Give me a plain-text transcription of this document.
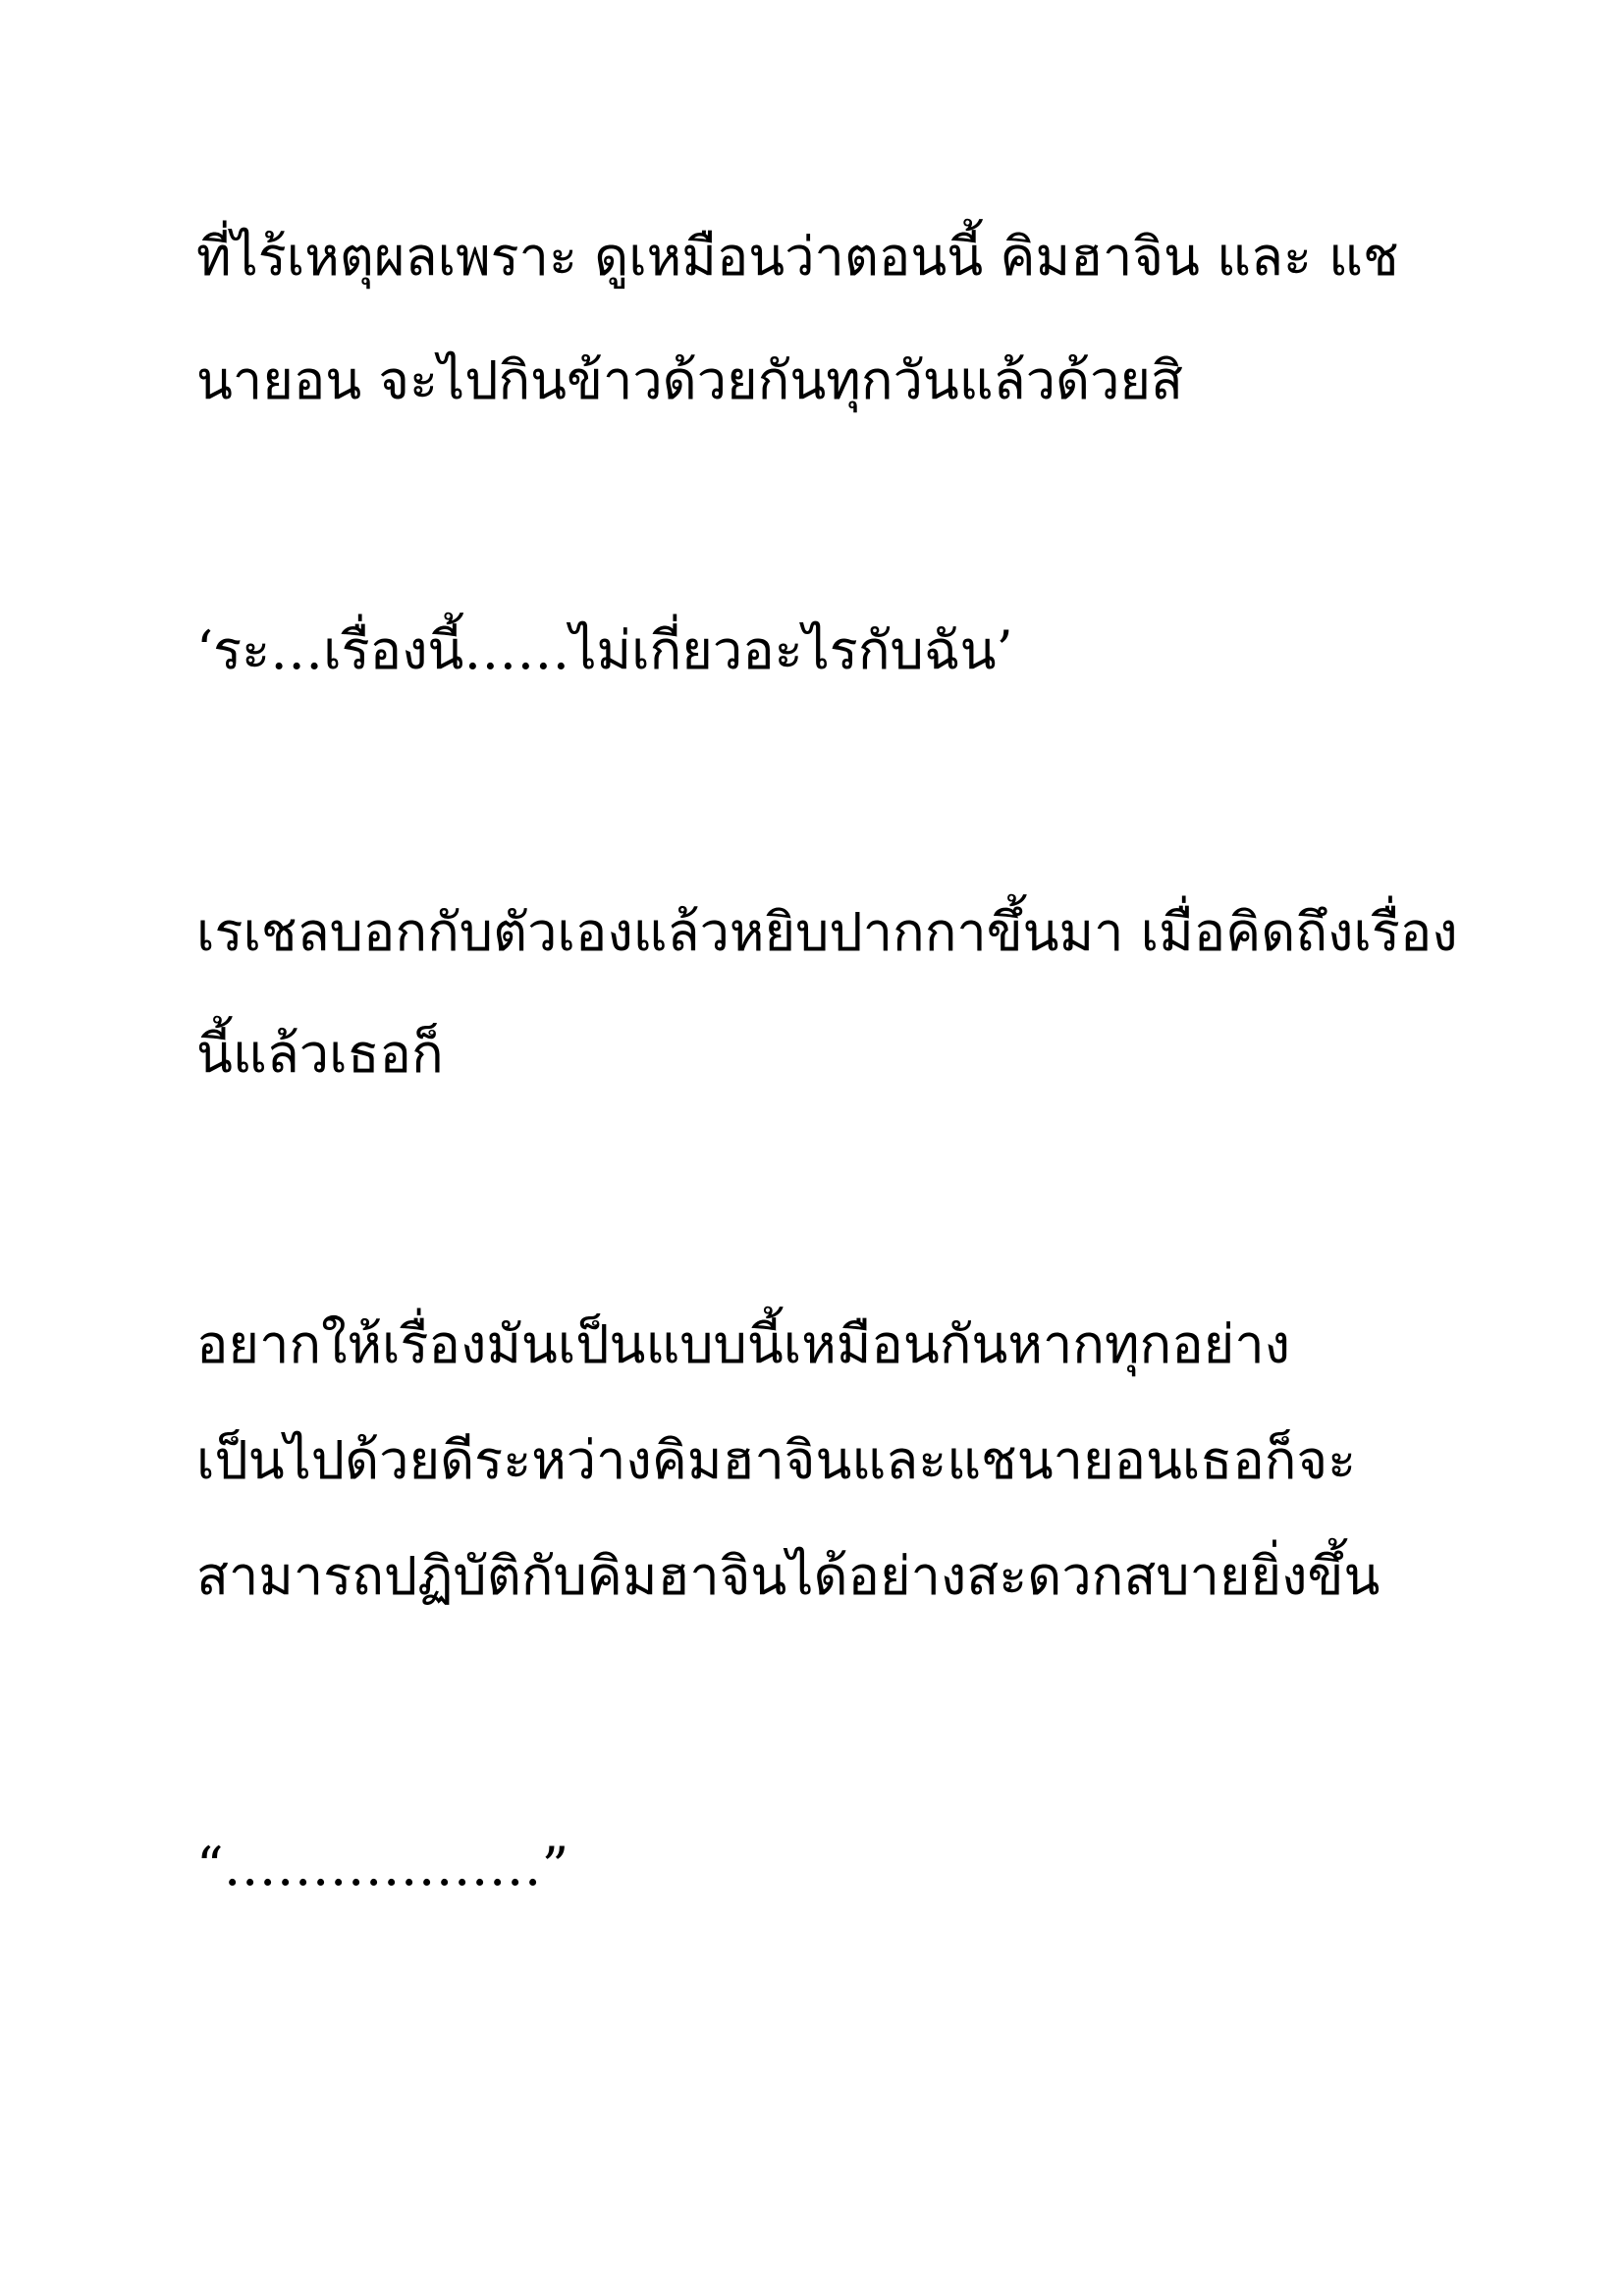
ที่ไร้เหตุผลเพราะ ดูเหมือนว่าตอนนี้ คิมฮาจิน และ แช
นายอน จะไปกินข้าวด้วยกันทุกวันแล้วด้วยสิ
‘ระ…เรื่องนี้……ไม่เกี่ยวอะไรกับฉัน’
เรเชลบอกกับตัวเองแล้วหยิบปากกาขึ้นมา เมื่อคิดถึงเรื่อง
นี้แล้วเธอก็
อยากให้เรื่องมันเป็นแบบนี้เหมือนกันหากทุกอย่าง
เป็นไปด้วยดีระหว่างคิมฮาจินและแชนายอนเธอก็จะ
สามารถปฏิบัติกับคิมฮาจินได้อย่างสะดวกสบายยิ่งขึ้น
“………………”
